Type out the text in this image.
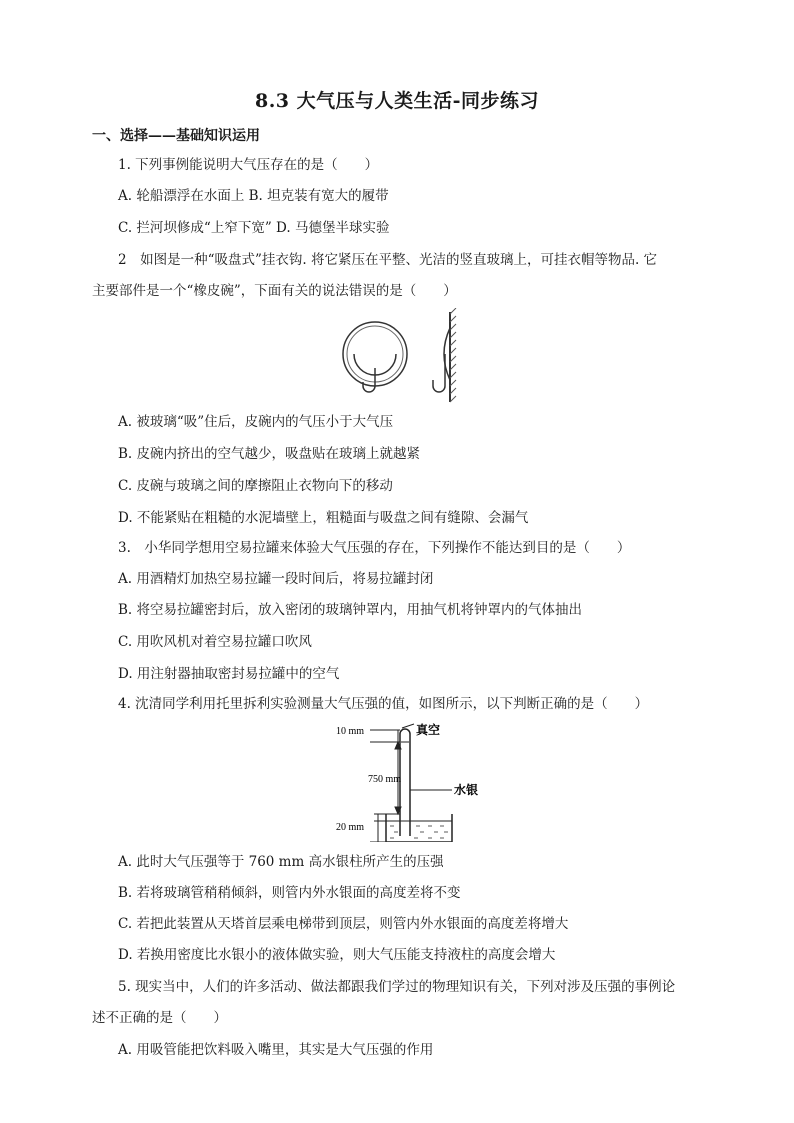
8.3 大气压与人类生活-同步练习
一、选择——基础知识运用
1. 下列事例能说明大气压存在的是（　　）
A. 轮船漂浮在水面上 B. 坦克装有宽大的履带
C. 拦河坝修成“上窄下宽” D. 马德堡半球实验
2　如图是一种“吸盘式”挂衣钩. 将它紧压在平整、光洁的竖直玻璃上，可挂衣帽等物品. 它
主要部件是一个“橡皮碗”，下面有关的说法错误的是（　　）
A. 被玻璃“吸”住后，皮碗内的气压小于大气压
B. 皮碗内挤出的空气越少，吸盘贴在玻璃上就越紧
C. 皮碗与玻璃之间的摩擦阻止衣物向下的移动
D. 不能紧贴在粗糙的水泥墙壁上，粗糙面与吸盘之间有缝隙、会漏气
3.　小华同学想用空易拉罐来体验大气压强的存在，下列操作不能达到目的是（　　）
A. 用酒精灯加热空易拉罐一段时间后，将易拉罐封闭
B. 将空易拉罐密封后，放入密闭的玻璃钟罩内，用抽气机将钟罩内的气体抽出
C. 用吹风机对着空易拉罐口吹风
D. 用注射器抽取密封易拉罐中的空气
4. 沈清同学利用托里拆利实验测量大气压强的值，如图所示，以下判断正确的是（　　）
10 mm
750 mm
20 mm
真空
水银
A. 此时大气压强等于 760 mm 高水银柱所产生的压强
B. 若将玻璃管稍稍倾斜，则管内外水银面的高度差将不变
C. 若把此装置从天塔首层乘电梯带到顶层，则管内外水银面的高度差将增大
D. 若换用密度比水银小的液体做实验，则大气压能支持液柱的高度会增大
5. 现实当中，人们的许多活动、做法都跟我们学过的物理知识有关，下列对涉及压强的事例论
述不正确的是（　　）
A. 用吸管能把饮料吸入嘴里，其实是大气压强的作用
